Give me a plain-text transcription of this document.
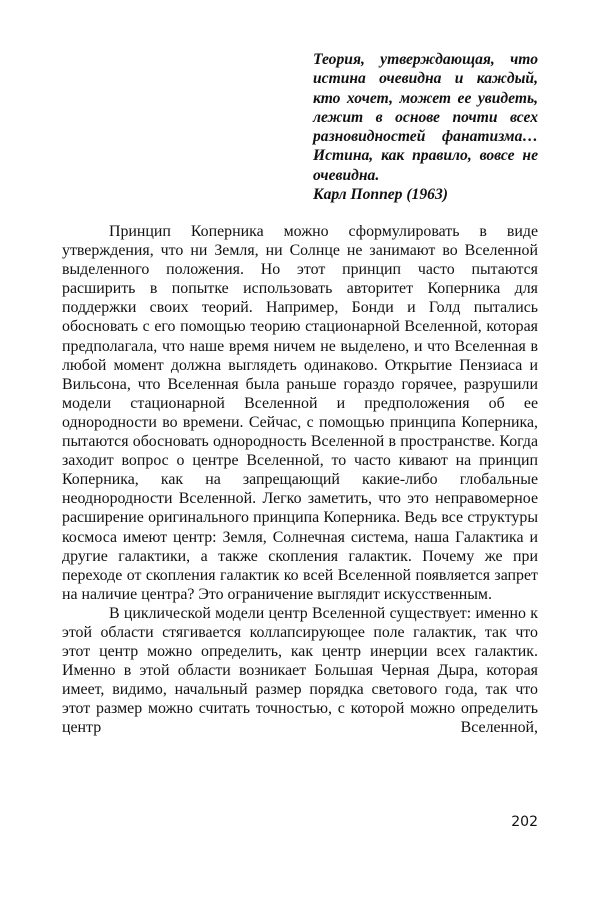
Теория, утверждающая, что истина очевидна и каждый, кто хочет, может ее увидеть, лежит в основе почти всех разновидностей фанатизма… Истина, как правило, вовсе не очевидна.

Карл Поппер (1963)

Принцип Коперника можно сформулировать в виде утверждения, что ни Земля, ни Солнце не занимают во Вселенной выделенного положения. Но этот принцип часто пытаются расширить в попытке использовать авторитет Коперника для поддержки своих теорий. Например, Бонди и Голд пытались обосновать с его помощью теорию стационарной Вселенной, которая предполагала, что наше время ничем не выделено, и что Вселенная в любой момент должна выглядеть одинаково. Открытие Пензиаса и Вильсона, что Вселенная была раньше гораздо горячее, разрушили модели стационарной Вселенной и предположения об ее однородности во времени. Сейчас, с помощью принципа Коперника, пытаются обосновать однородность Вселенной в пространстве. Когда заходит вопрос о центре Вселенной, то часто кивают на принцип Коперника, как на запрещающий какие-либо глобальные неоднородности Вселенной. Легко заметить, что это неправомерное расширение оригинального принципа Коперника. Ведь все структуры космоса имеют центр: Земля, Солнечная система, наша Галактика и другие галактики, а также скопления галактик. Почему же при переходе от скопления галактик ко всей Вселенной появляется запрет на наличие центра? Это ограничение выглядит искусственным.

В циклической модели центр Вселенной существует: именно к этой области стягивается коллапсирующее поле галактик, так что этот центр можно определить, как центр инерции всех галактик. Именно в этой области возникает Большая Черная Дыра, которая имеет, видимо, начальный размер порядка светового года, так что этот размер можно считать точностью, с которой можно определить центр Вселенной,

202
